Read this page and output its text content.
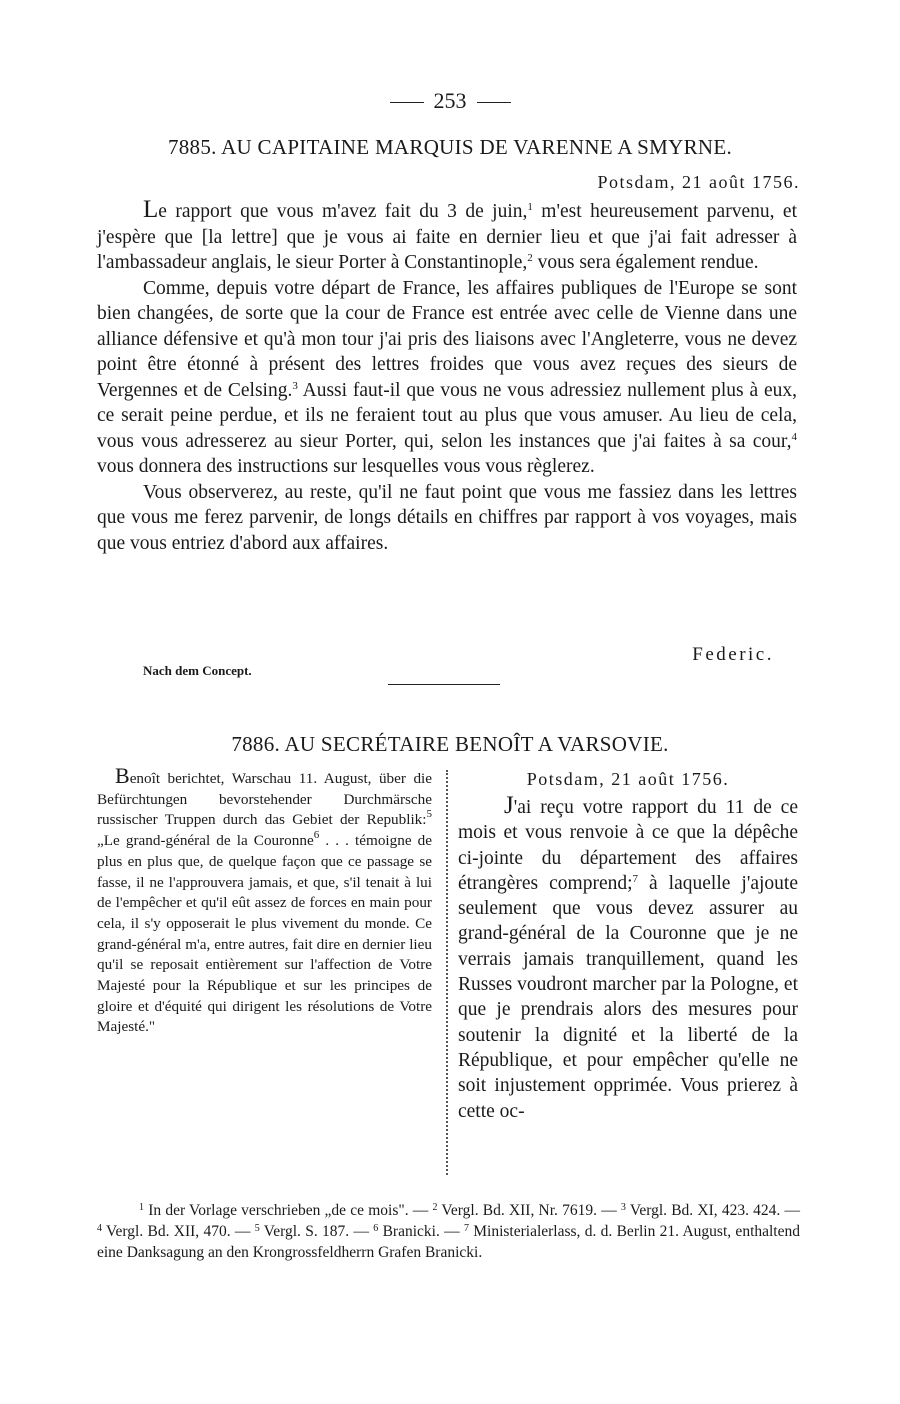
253
7885. AU CAPITAINE MARQUIS DE VARENNE A SMYRNE.
Potsdam, 21 août 1756.

Le rapport que vous m'avez fait du 3 de juin,$^1$ m'est heureusement parvenu, et j'espère que [la lettre] que je vous ai faite en dernier lieu et que j'ai fait adresser à l'ambassadeur anglais, le sieur Porter à Constantinople,$^2$ vous sera également rendue.

Comme, depuis votre départ de France, les affaires publiques de l'Europe se sont bien changées, de sorte que la cour de France est entrée avec celle de Vienne dans une alliance défensive et qu'à mon tour j'ai pris des liaisons avec l'Angleterre, vous ne devez point être étonné à présent des lettres froides que vous avez reçues des sieurs de Vergennes et de Celsing.$^3$ Aussi faut-il que vous ne vous adressiez nullement plus à eux, ce serait peine perdue, et ils ne feraient tout au plus que vous amuser. Au lieu de cela, vous vous adresserez au sieur Porter, qui, selon les instances que j'ai faites à sa cour,$^4$ vous donnera des instructions sur lesquelles vous vous règlerez.

Vous observerez, au reste, qu'il ne faut point que vous me fassiez dans les lettres que vous me ferez parvenir, de longs détails en chiffres par rapport à vos voyages, mais que vous entriez d'abord aux affaires.

Federic.
Nach dem Concept.
7886. AU SECRÉTAIRE BENOÎT A VARSOVIE.

Benoît berichtet, Warschau 11. August, über die Befürchtungen bevorstehender Durchmärsche russischer Truppen durch das Gebiet der Republik:$^5$ „Le grand-général de la Couronne$^6$ . . . témoigne de plus en plus que, de quelque façon que ce passage se fasse, il ne l'approuvera jamais, et que, s'il tenait à lui de l'empêcher et qu'il eût assez de forces en main pour cela, il s'y opposerait le plus vivement du monde. Ce grand-général m'a, entre autres, fait dire en dernier lieu qu'il se reposait entièrement sur l'affection de Votre Majesté pour la République et sur les principes de gloire et d'équité qui dirigent les résolutions de Votre Majesté."

Potsdam, 21 août 1756.

J'ai reçu votre rapport du 11 de ce mois et vous renvoie à ce que la dépêche ci-jointe du département des affaires étrangères comprend;$^7$ à laquelle j'ajoute seulement que vous devez assurer au grand-général de la Couronne que je ne verrais jamais tranquillement, quand les Russes voudront marcher par la Pologne, et que je prendrais alors des mesures pour soutenir la dignité et la liberté de la République, et pour empêcher qu'elle ne soit injustement opprimée. Vous prierez à cette oc-

$^1$ In der Vorlage verschrieben „de ce mois". — $^2$ Vergl. Bd. XII, Nr. 7619. — $^3$ Vergl. Bd. XI, 423. 424. — $^4$ Vergl. Bd. XII, 470. — $^5$ Vergl. S. 187. — $^6$ Branicki. — $^7$ Ministerialerlass, d. d. Berlin 21. August, enthaltend eine Danksagung an den Krongrossfeldherrn Grafen Branicki.
